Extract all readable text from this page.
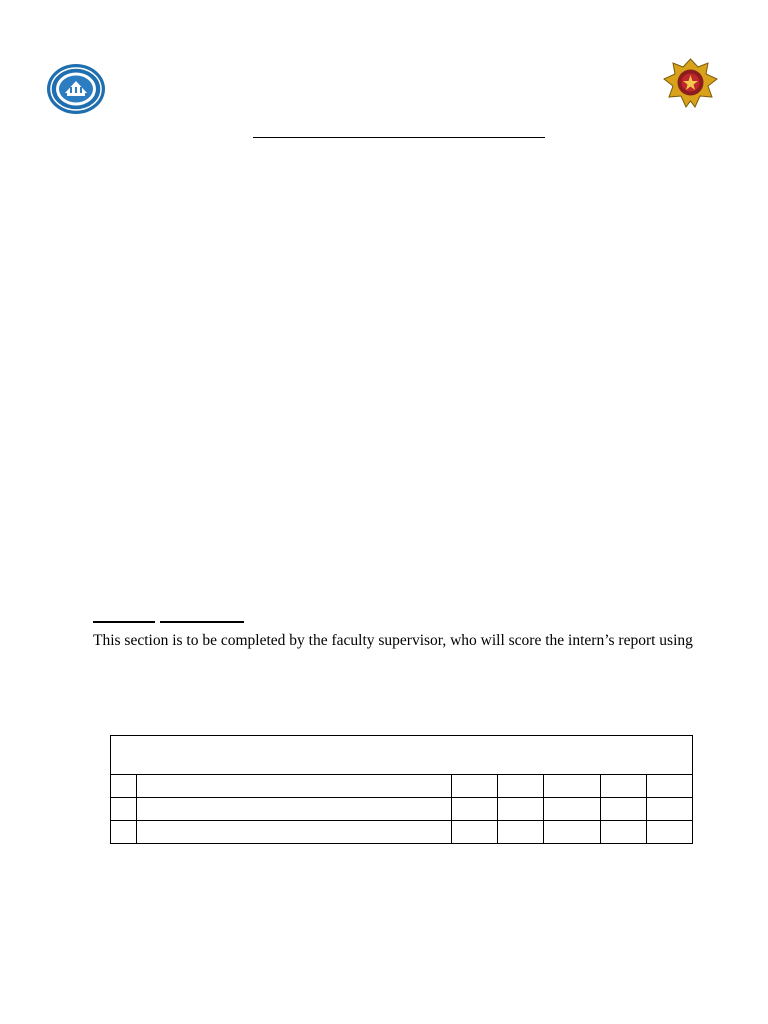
This section is to be completed by the faculty supervisor, who will score the intern’s report using
